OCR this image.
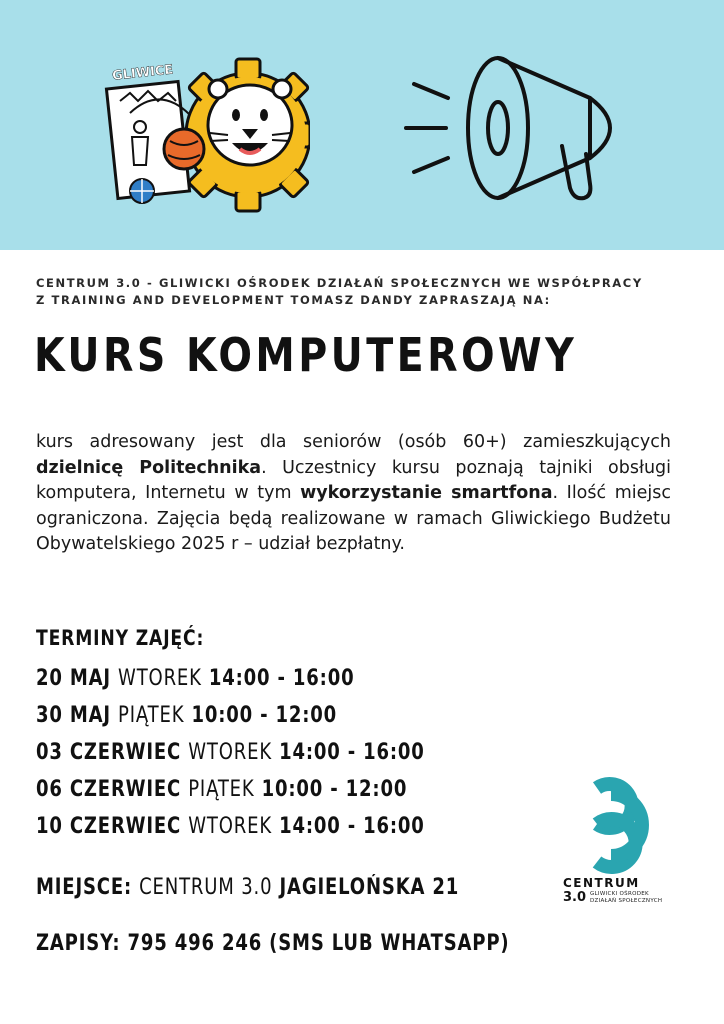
GLIWICE
CENTRUM 3.0 - GLIWICKI OŚRODEK DZIAŁAŃ SPOŁECZNYCH WE WSPÓŁPRACY
Z TRAINING AND DEVELOPMENT TOMASZ DANDY ZAPRASZAJĄ NA:
KURS KOMPUTEROWY
kurs adresowany jest dla seniorów (osób 60+) zamieszkujących dzielnicę Politechnika. Uczestnicy kursu poznają tajniki obsługi komputera, Internetu w tym wykorzystanie smartfona. Ilość miejsc ograniczona. Zajęcia będą realizowane w ramach Gliwickiego Budżetu Obywatelskiego 2025 r – udział bezpłatny.
TERMINY ZAJĘĆ:
20 MAJ WTOREK 14:00 - 16:00
30 MAJ PIĄTEK 10:00 - 12:00
03 CZERWIEC WTOREK 14:00 - 16:00
06 CZERWIEC PIĄTEK 10:00 - 12:00
10 CZERWIEC WTOREK 14:00 - 16:00
MIEJSCE: CENTRUM 3.0 JAGIELOŃSKA 21
ZAPISY: 795 496 246 (SMS LUB WHATSAPP)
CENTRUM
3.0 GLIWICKI OŚRODEK
DZIAŁAŃ SPOŁECZNYCH
